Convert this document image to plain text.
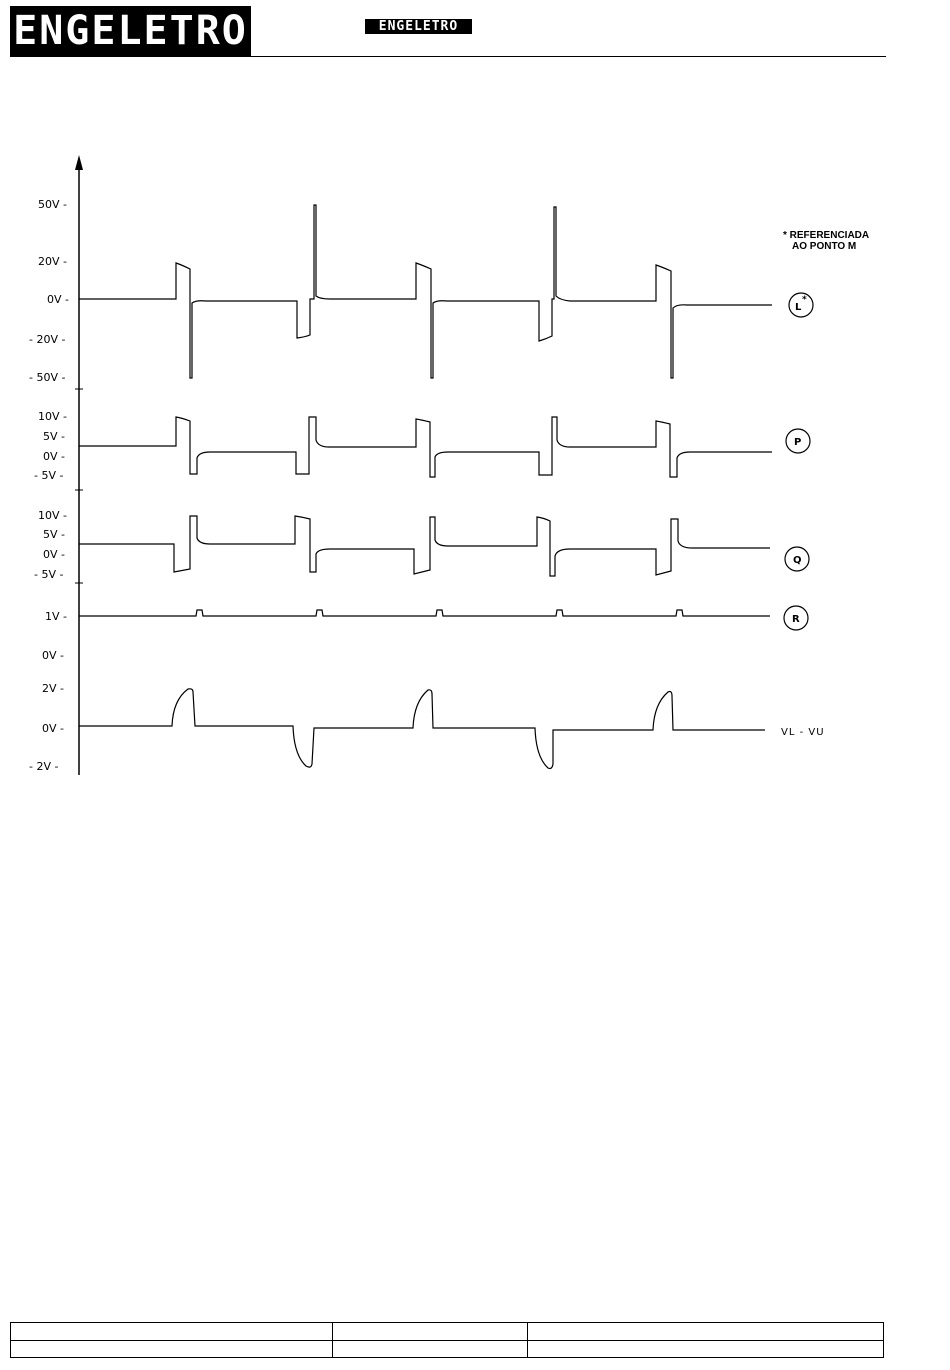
ENGELETRO
50V -
20V -
0V -
- 20V -
- 50V -
10V -
5V -
0V -
- 5V -
10V -
5V -
0V -
- 5V -
1V -
0V -
2V -
0V -
- 2V -
* REFERENCIADA
AO PONTO M
L
*
P
Q
R
VL - VU
ENGELETRO
